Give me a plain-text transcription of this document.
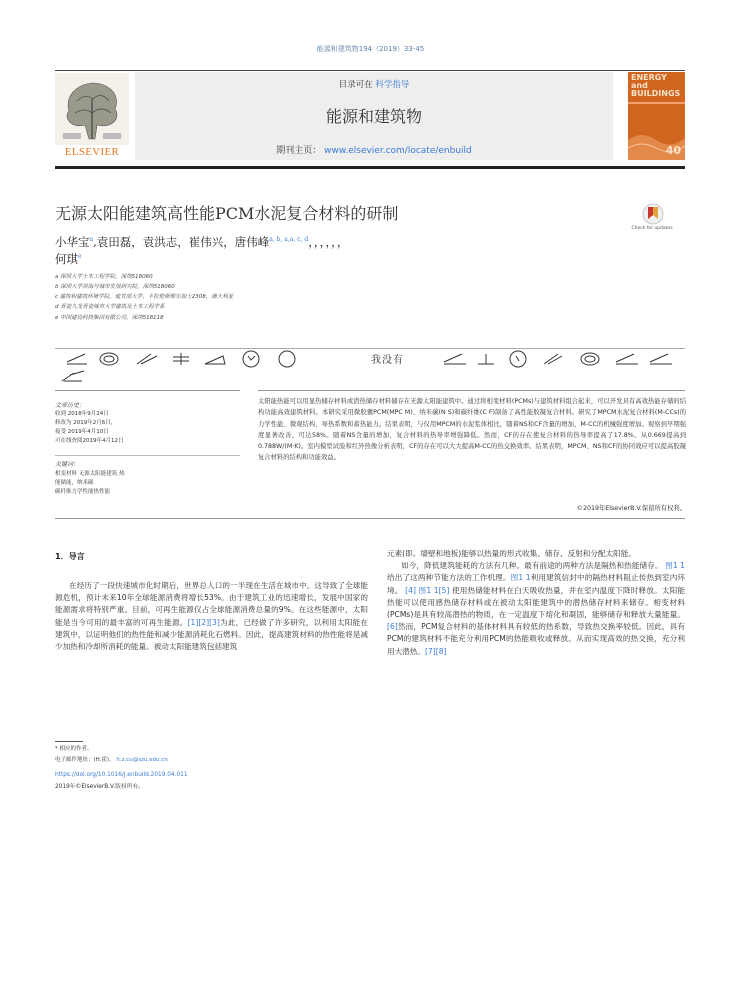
能源和建筑物194（2019）33-45
ELSEVIER
目录可在 科学指导
能源和建筑物
期刊主页： www.elsevier.com/locate/enbuild
ENERGY and BUILDINGS
40
无源太阳能建筑高性能PCM水泥复合材料的研制
Check for updates
小华宝$^a$,袁田磊，袁洪志，崔伟兴，唐伟峰$^{a, b, a,a, c, d}$，，，，，，
何琪$^e$
a 深圳大学土木工程学院，深圳518060
b 深圳大学滨海与城市发展研究院，深圳518060
c 建筑和建筑环境学院，迪肯部大学，卡拉伦斯维尔加士2308，澳大利亚
d 青瓷九龙青瓷城市大学建筑及土木工程学系
e 中国建设科技集团有限公司，深圳518118
我没有
文章历史：
收到 2018年9月24日
修改为 2019年2月6日，
接受 2019年4月10日
可在线查阅2019年4月12日
关键词：
相变材料 无源太阳能建筑 热
能储能，纳米碳
碳纤维力学性能热性能
太阳能热能可以用显热储存材料或潜热储存材料储存在无源太阳能建筑中。通过将相变材料(PCMs)与建筑材料组合起来，可以开发具有高效热能存储的结构功能高效建筑材料。本研究采用微胶囊PCM(MPC M)、纳米碳(N S)和碳纤维(C F)制备了高性能胶凝复合材料。研究了MPCM水泥复合材料(M-CCs)的力学性能、微观结构、导热系数和蓄热能力。结果表明，与仅用MPCM的水泥浆体相比，随着NS和CF含量的增加，M-CC的机械强度增加。观察到早期强度显著改善，可达58%。随着NS含量的增加，复合材料的热导率增强降低。然而，CF的存在使复合材料的热导率提高了17.8%。从0.669提高到0.788W/(M·K)。室内模型试验和红外热像分析表明，CF的存在可以大大提高M-CC的热交换效率。结果表明，MPCM、NS和CF的协同效应可以提高胶凝复合材料的结构和功能效益。
©2019年ElsevierB.V.保留所有权利。
1．导言
在经历了一段快速城市化时期后，世界总人口的一半现在生活在城市中。这导致了全球能源危机，预计未来10年全球能源消费将增长53%。由于建筑工业的迅速增长，发展中国家的能源需求将特别严重。目前，可再生能源仅占全球能源消费总量的9%。在这些能源中，太阳能是当今可用的最丰富的可再生能源。[1][2][3]为此，已经做了许多研究，以利用太阳能在建筑中，以证明他们的热性能和减少能源消耗化石燃料。因此，提高建筑材料的热性能将是减少加热和冷却所消耗的能量。被动太阳能建筑包括建筑
元素(即。墙壁和地板)能够以热量的形式收集、储存、反射和分配太阳能。
如今，降低建筑能耗的方法有几种。最有前途的两种方法是隔热和热能储存。 图1 1给出了这两种节能方法的工作机理。图1 1利用建筑信封中的隔热材料阻止传热到室内环境。 [4] 图1 1[5] 使用热储能材料在白天吸收热量，并在室内温度下降时释放。太阳能热能可以使用感热储存材料或在被动太阳能建筑中的潜热储存材料来储存。相变材料(PCMs)是具有较高潜热的物质，在一定温度下熔化和凝固，能够储存和释放大量能量。 [6]然而，PCM复合材料的基体材料具有较低的热系数，导致热交换率较低。因此，具有PCM的建筑材料不能充分利用PCM的热能吸收或释放。从而实现高效的热交换，充分利用大潜热。[7][8]
* 相应的作者。
电子邮件地址：(H.霍)。 h.z.cu@szu.edu.cn
https://doi.org/10.1016/j.enbuild.2019.04.011
2019年©ElsevierB.V.版权所有。
